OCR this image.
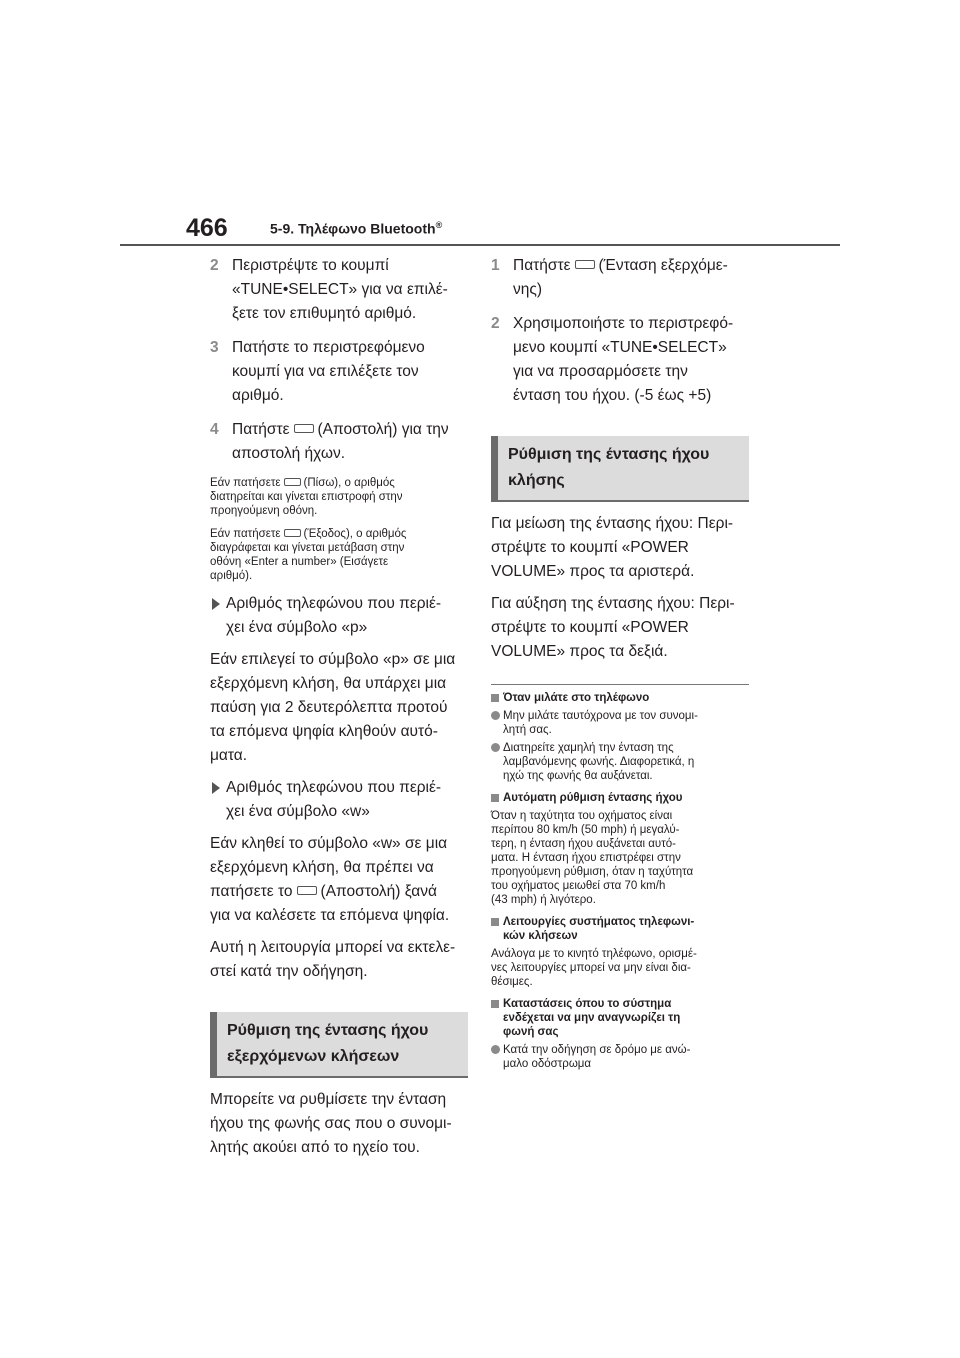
466	5-9. Τηλέφωνο Bluetooth®
2 Περιστρέψτε το κουμπί
«TUNE•SELECT» για να επιλέ-
ξετε τον επιθυμητό αριθμό.
3 Πατήστε το περιστρεφόμενο
κουμπί για να επιλέξετε τον
αριθμό.
4 Πατήστε (Αποστολή) για την
αποστολή ήχων.
Εάν πατήσετε (Πίσω), ο αριθμός
διατηρείται και γίνεται επιστροφή στην
προηγούμενη οθόνη.
Εάν πατήσετε (Έξοδος), ο αριθμός
διαγράφεται και γίνεται μετάβαση στην
οθόνη «Enter a number» (Εισάγετε
αριθμό).
Αριθμός τηλεφώνου που περιέ-
χει ένα σύμβολο «p»
Εάν επιλεγεί το σύμβολο «p» σε μια
εξερχόμενη κλήση, θα υπάρχει μια
παύση για 2 δευτερόλεπτα προτού
τα επόμενα ψηφία κληθούν αυτό-
ματα.
Αριθμός τηλεφώνου που περιέ-
χει ένα σύμβολο «w»
Εάν κληθεί το σύμβολο «w» σε μια
εξερχόμενη κλήση, θα πρέπει να
πατήσετε το (Αποστολή) ξανά
για να καλέσετε τα επόμενα ψηφία.
Αυτή η λειτουργία μπορεί να εκτελε-
στεί κατά την οδήγηση.
Ρύθμιση της έντασης ήχου
εξερχόμενων κλήσεων
Μπορείτε να ρυθμίσετε την ένταση
ήχου της φωνής σας που ο συνομι-
λητής ακούει από το ηχείο του.
1 Πατήστε (Ένταση εξερχόμε-
νης)
2 Χρησιμοποιήστε το περιστρεφό-
μενο κουμπί «TUNE•SELECT»
για να προσαρμόσετε την
ένταση του ήχου. (-5 έως +5)
Ρύθμιση της έντασης ήχου
κλήσης
Για μείωση της έντασης ήχου: Περι-
στρέψτε το κουμπί «POWER
VOLUME» προς τα αριστερά.
Για αύξηση της έντασης ήχου: Περι-
στρέψτε το κουμπί «POWER
VOLUME» προς τα δεξιά.
Όταν μιλάτε στο τηλέφωνο
Μην μιλάτε ταυτόχρονα με τον συνομι-
λητή σας.
Διατηρείτε χαμηλή την ένταση της
λαμβανόμενης φωνής. Διαφορετικά, η
ηχώ της φωνής θα αυξάνεται.
Αυτόματη ρύθμιση έντασης ήχου
Όταν η ταχύτητα του οχήματος είναι
περίπου 80 km/h (50 mph) ή μεγαλύ-
τερη, η ένταση ήχου αυξάνεται αυτό-
ματα. Η ένταση ήχου επιστρέφει στην
προηγούμενη ρύθμιση, όταν η ταχύτητα
του οχήματος μειωθεί στα 70 km/h
(43 mph) ή λιγότερο.
Λειτουργίες συστήματος τηλεφωνι-
κών κλήσεων
Ανάλογα με το κινητό τηλέφωνο, ορισμέ-
νες λειτουργίες μπορεί να μην είναι δια-
θέσιμες.
Καταστάσεις όπου το σύστημα
ενδέχεται να μην αναγνωρίζει τη
φωνή σας
Κατά την οδήγηση σε δρόμο με ανώ-
μαλο οδόστρωμα
